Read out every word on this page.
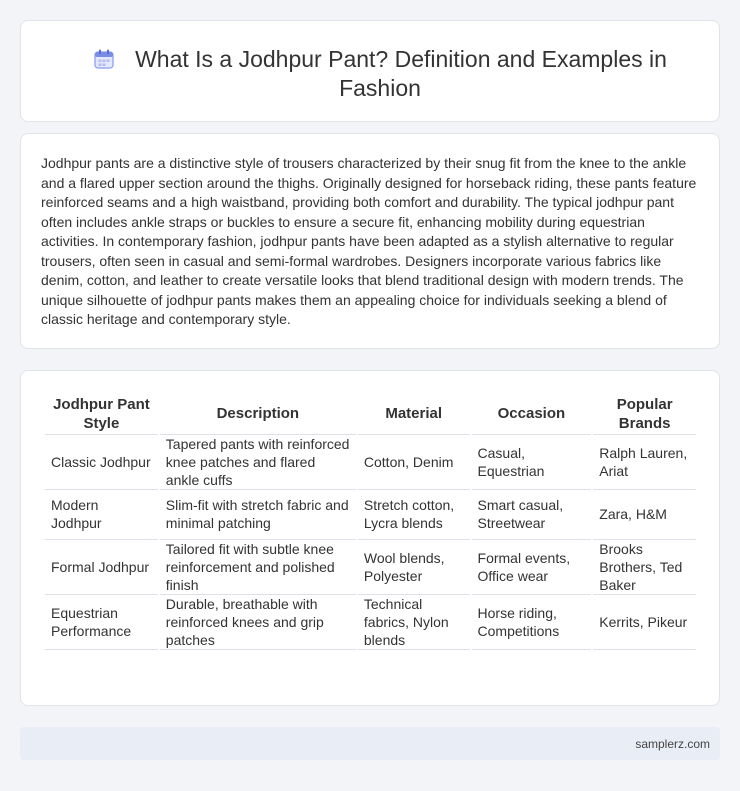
What Is a Jodhpur Pant? Definition and Examples in Fashion

Jodhpur pants are a distinctive style of trousers characterized by their snug fit from the knee to the ankle and a flared upper section around the thighs. Originally designed for horseback riding, these pants feature reinforced seams and a high waistband, providing both comfort and durability. The typical jodhpur pant often includes ankle straps or buckles to ensure a secure fit, enhancing mobility during equestrian activities. In contemporary fashion, jodhpur pants have been adapted as a stylish alternative to regular trousers, often seen in casual and semi-formal wardrobes. Designers incorporate various fabrics like denim, cotton, and leather to create versatile looks that blend traditional design with modern trends. The unique silhouette of jodhpur pants makes them an appealing choice for individuals seeking a blend of classic heritage and contemporary style.

Jodhpur Pant Style	Description	Material	Occasion	Popular Brands
Classic Jodhpur	Tapered pants with reinforced knee patches and flared ankle cuffs	Cotton, Denim	Casual, Equestrian	Ralph Lauren, Ariat
Modern Jodhpur	Slim-fit with stretch fabric and minimal patching	Stretch cotton, Lycra blends	Smart casual, Streetwear	Zara, H&M
Formal Jodhpur	Tailored fit with subtle knee reinforcement and polished finish	Wool blends, Polyester	Formal events, Office wear	Brooks Brothers, Ted Baker
Equestrian Performance	Durable, breathable with reinforced knees and grip patches	Technical fabrics, Nylon blends	Horse riding, Competitions	Kerrits, Pikeur
samplerz.com
